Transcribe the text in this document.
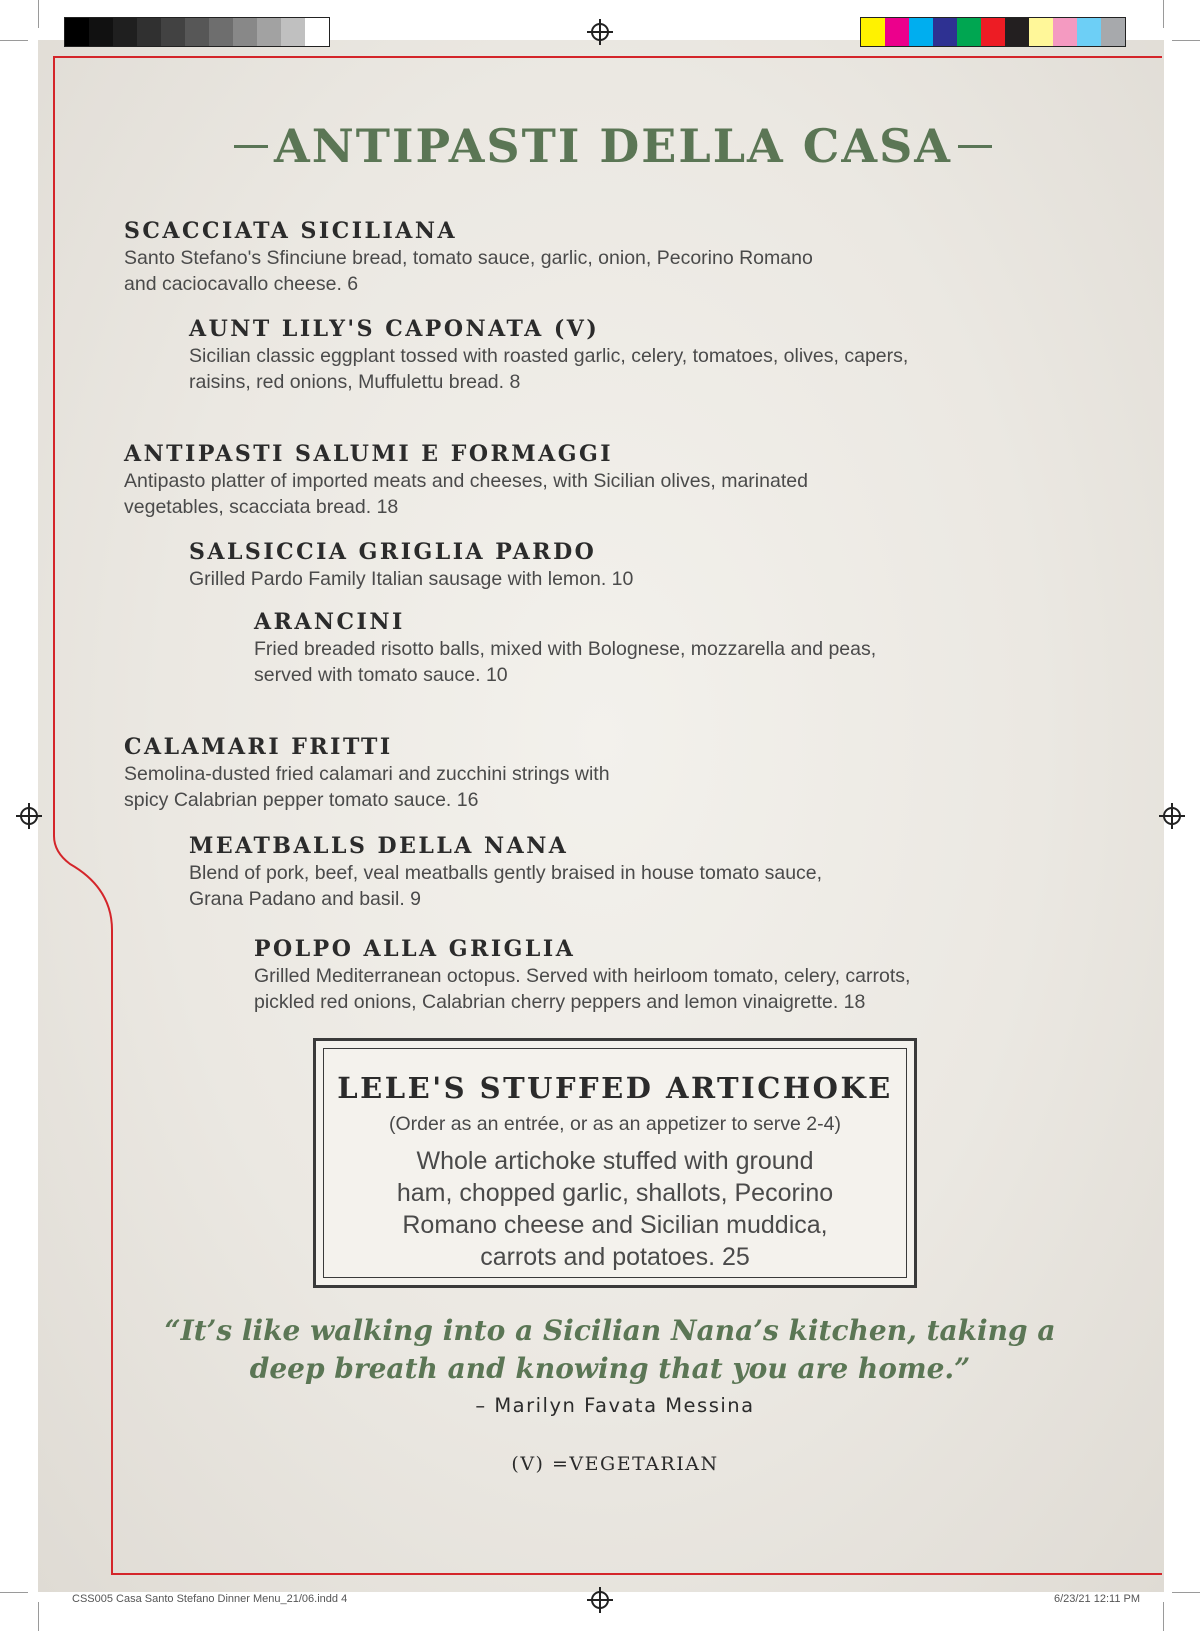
ANTIPASTI DELLA CASA
SCACCIATA SICILIANA
Santo Stefano's Sfinciune bread, tomato sauce, garlic, onion, Pecorino Romano
and caciocavallo cheese. 6
AUNT LILY'S CAPONATA (V)
Sicilian classic eggplant tossed with roasted garlic, celery, tomatoes, olives, capers,
raisins, red onions, Muffulettu bread. 8
ANTIPASTI SALUMI E FORMAGGI
Antipasto platter of imported meats and cheeses, with Sicilian olives, marinated
vegetables, scacciata bread. 18
SALSICCIA GRIGLIA PARDO
Grilled Pardo Family Italian sausage with lemon. 10
ARANCINI
Fried breaded risotto balls, mixed with Bolognese, mozzarella and peas,
served with tomato sauce. 10
CALAMARI FRITTI
Semolina-dusted fried calamari and zucchini strings with
spicy Calabrian pepper tomato sauce. 16
MEATBALLS DELLA NANA
Blend of pork, beef, veal meatballs gently braised in house tomato sauce,
Grana Padano and basil. 9
POLPO ALLA GRIGLIA
Grilled Mediterranean octopus. Served with heirloom tomato, celery, carrots,
pickled red onions, Calabrian cherry peppers and lemon vinaigrette. 18
LELE'S STUFFED ARTICHOKE
(Order as an entrée, or as an appetizer to serve 2-4)
Whole artichoke stuffed with ground
ham, chopped garlic, shallots, Pecorino
Romano cheese and Sicilian muddica,
carrots and potatoes. 25
“It’s like walking into a Sicilian Nana’s kitchen, taking a
deep breath and knowing that you are home.”
– Marilyn Favata Messina
(V) =VEGETARIAN
CSS005 Casa Santo Stefano Dinner Menu_21/06.indd 4	6/23/21 12:11 PM
